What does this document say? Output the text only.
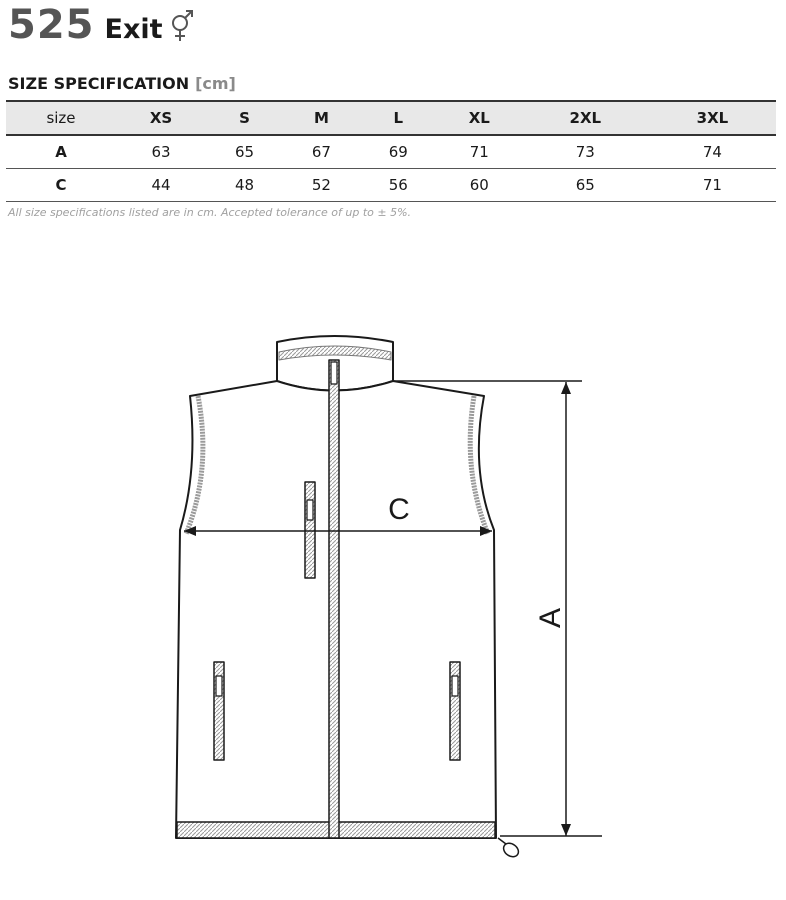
525 Exit
SIZE SPECIFICATION [cm]
size	XS	S	M	L	XL	2XL	3XL
A	63	65	67	69	71	73	74
C	44	48	52	56	60	65	71
All size specifications listed are in cm. Accepted tolerance of up to ± 5%.
C
A
